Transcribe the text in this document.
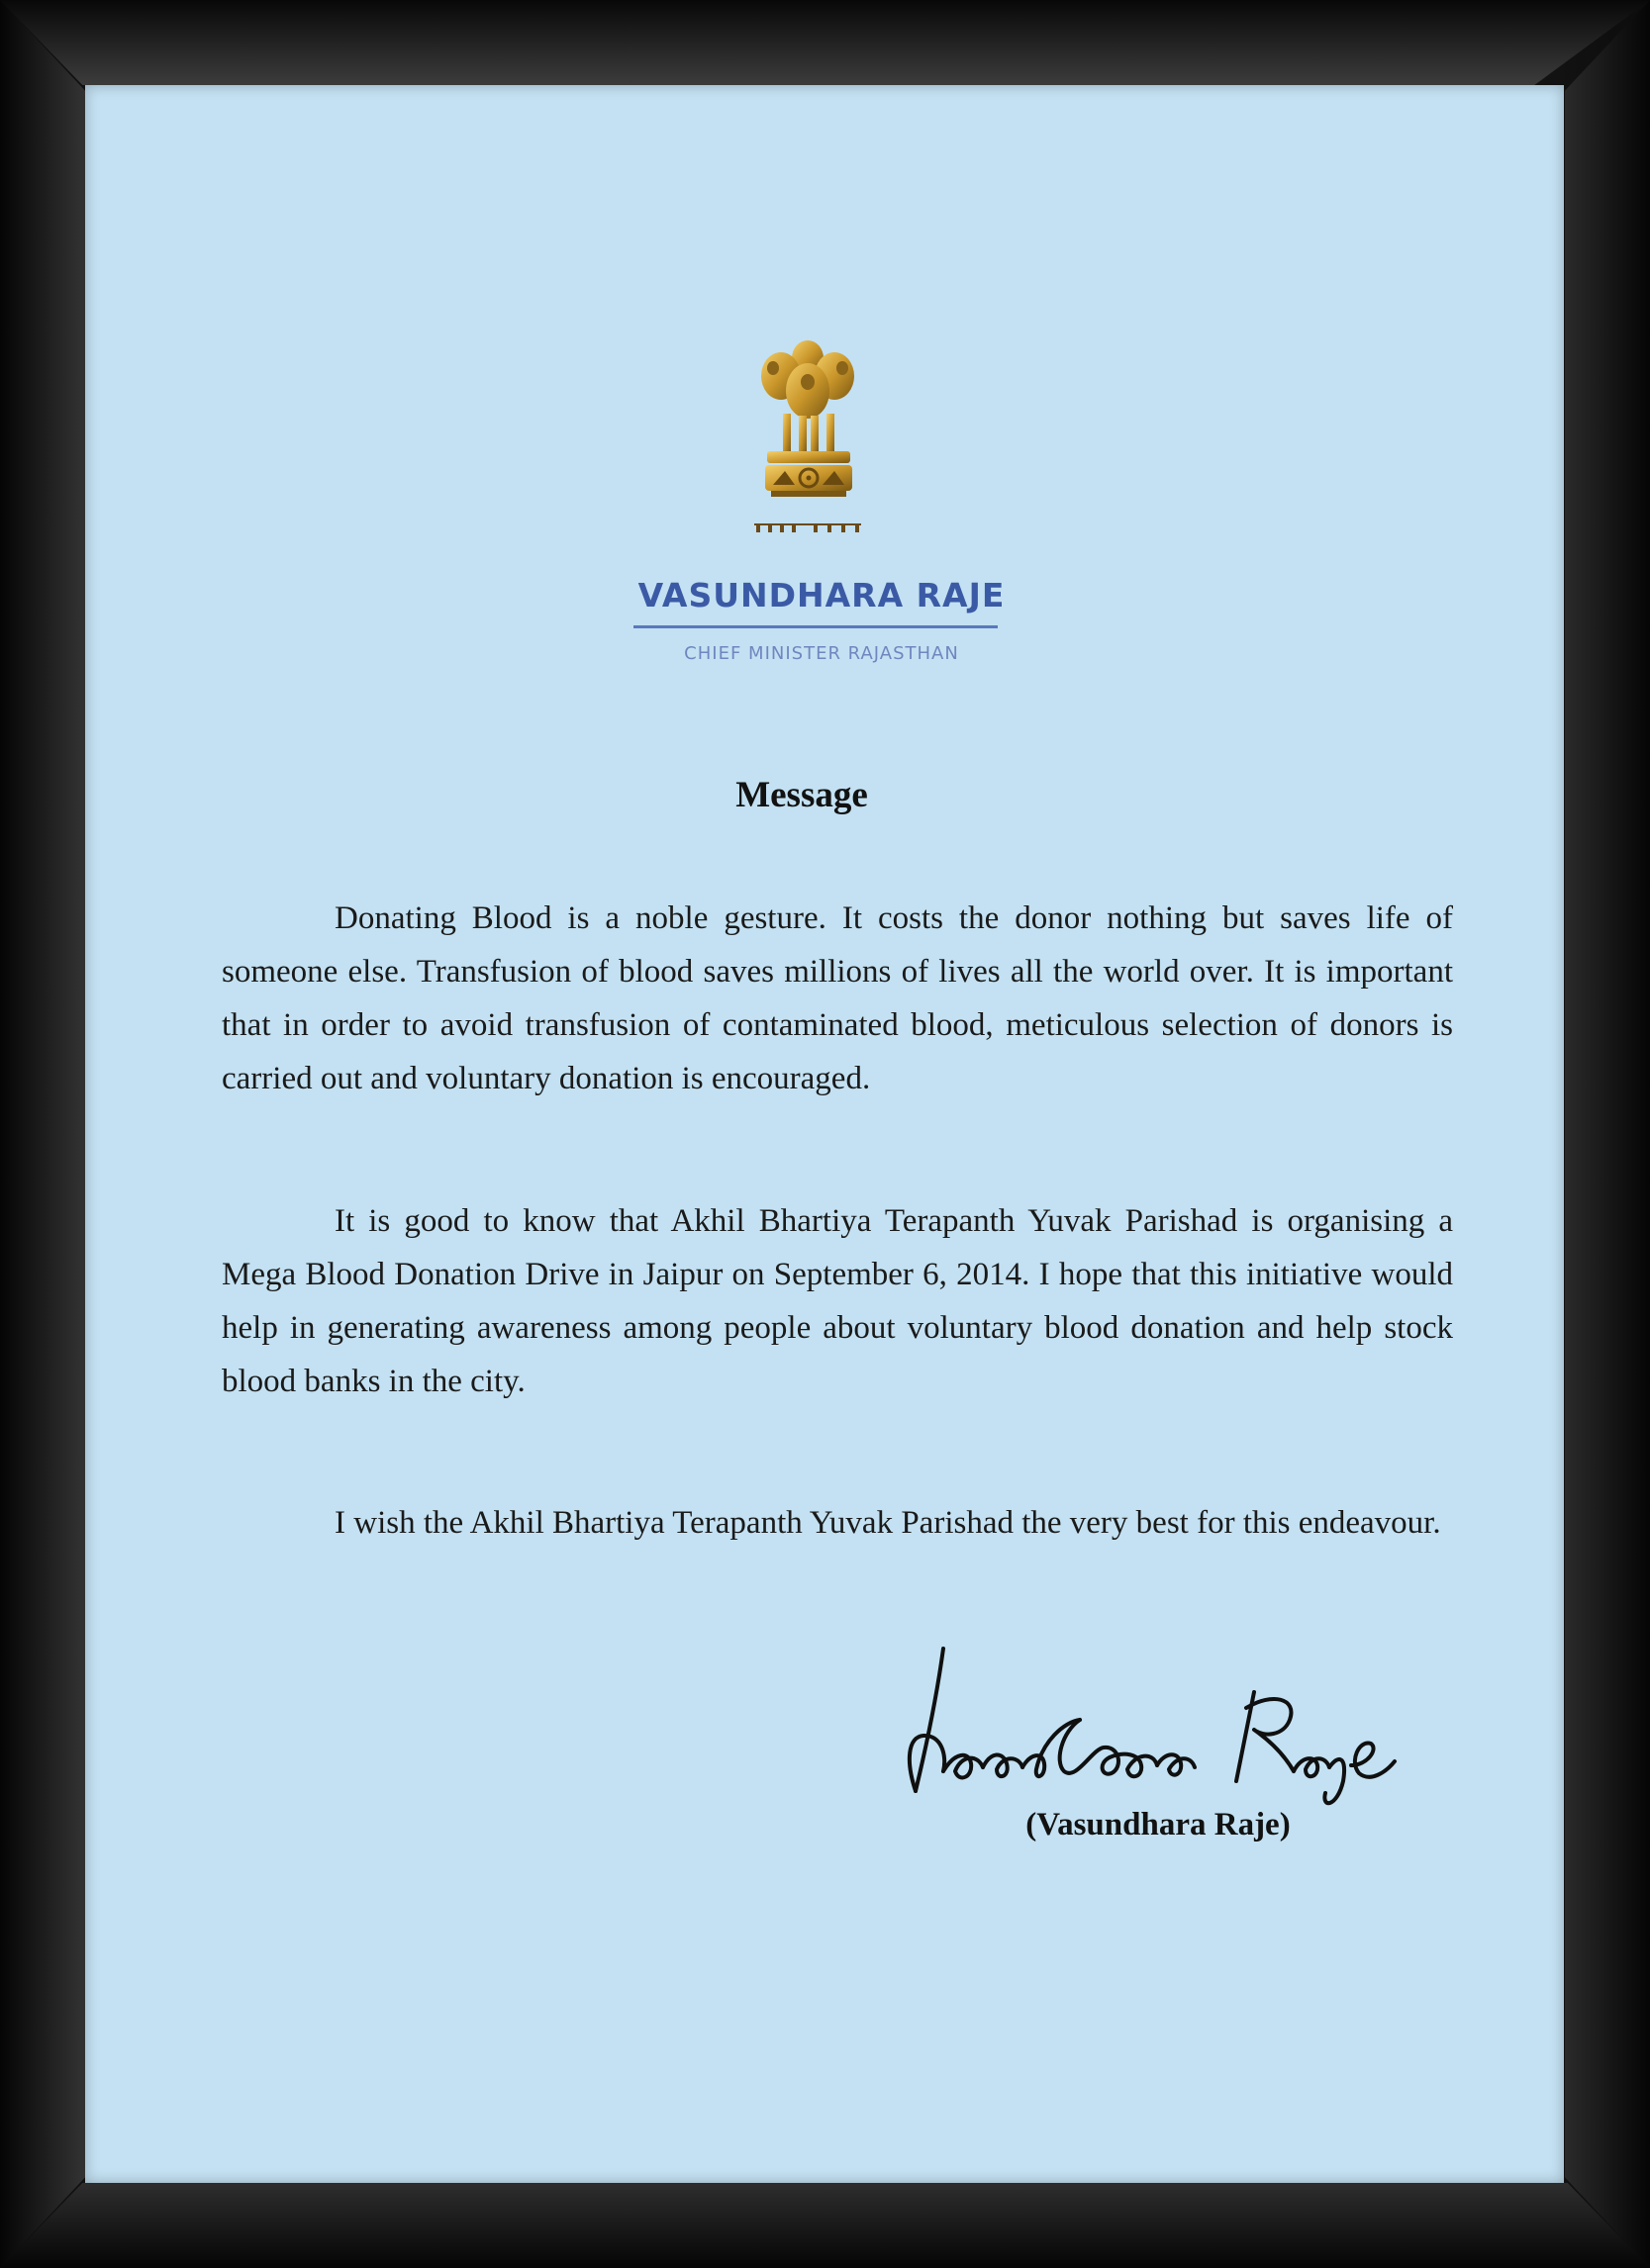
VASUNDHARA RAJE
CHIEF MINISTER RAJASTHAN
Message

Donating Blood is a noble gesture. It costs the donor nothing but saves life of someone else. Transfusion of blood saves millions of lives all the world over. It is important that in order to avoid transfusion of contaminated blood, meticulous selection of donors is carried out and voluntary donation is encouraged.

It is good to know that Akhil Bhartiya Terapanth Yuvak Parishad is organising a Mega Blood Donation Drive in Jaipur on September 6, 2014. I hope that this initiative would help in generating awareness among people about voluntary blood donation and help stock blood banks in the city.

I wish the Akhil Bhartiya Terapanth Yuvak Parishad the very best for this endeavour.

(Vasundhara Raje)
